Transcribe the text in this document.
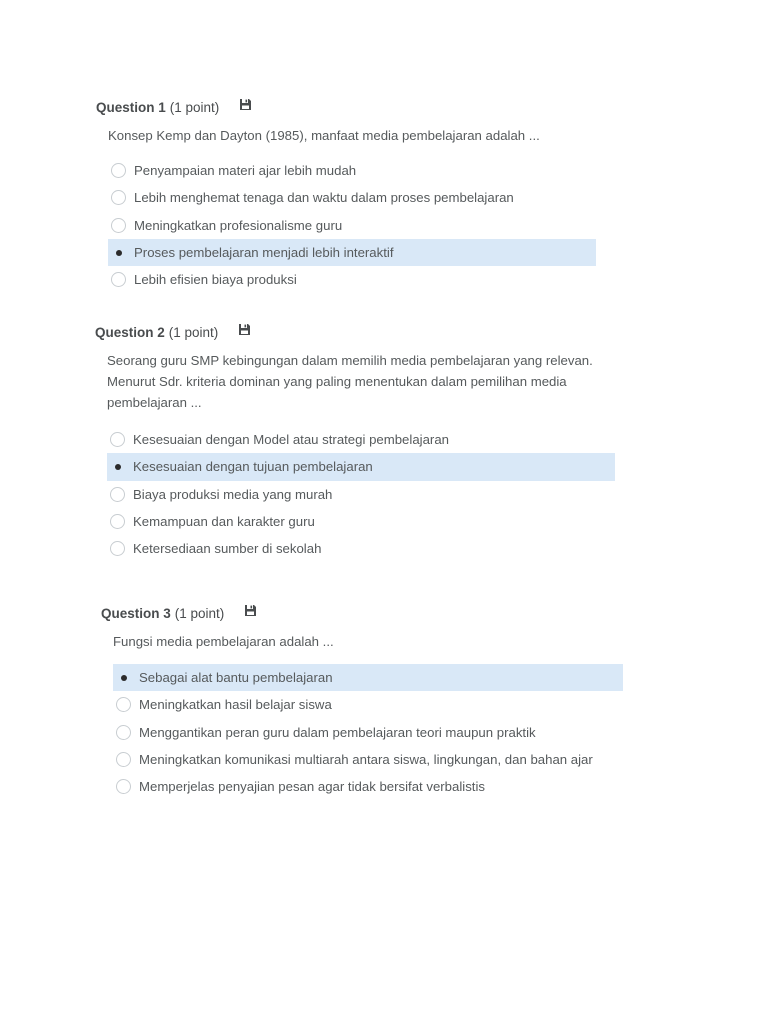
Question 1 (1 point)
Konsep Kemp dan Dayton (1985), manfaat media pembelajaran adalah ...
Penyampaian materi ajar lebih mudah
Lebih menghemat tenaga dan waktu dalam proses pembelajaran
Meningkatkan profesionalisme guru
Proses pembelajaran menjadi lebih interaktif
Lebih efisien biaya produksi
Question 2 (1 point)
Seorang guru SMP kebingungan dalam memilih media pembelajaran yang relevan.
Menurut Sdr. kriteria dominan yang paling menentukan dalam pemilihan media
pembelajaran ...
Kesesuaian dengan Model atau strategi pembelajaran
Kesesuaian dengan tujuan pembelajaran
Biaya produksi media yang murah
Kemampuan dan karakter guru
Ketersediaan sumber di sekolah
Question 3 (1 point)
Fungsi media pembelajaran adalah ...
Sebagai alat bantu pembelajaran
Meningkatkan hasil belajar siswa
Menggantikan peran guru dalam pembelajaran teori maupun praktik
Meningkatkan komunikasi multiarah antara siswa, lingkungan, dan bahan ajar
Memperjelas penyajian pesan agar tidak bersifat verbalistis
